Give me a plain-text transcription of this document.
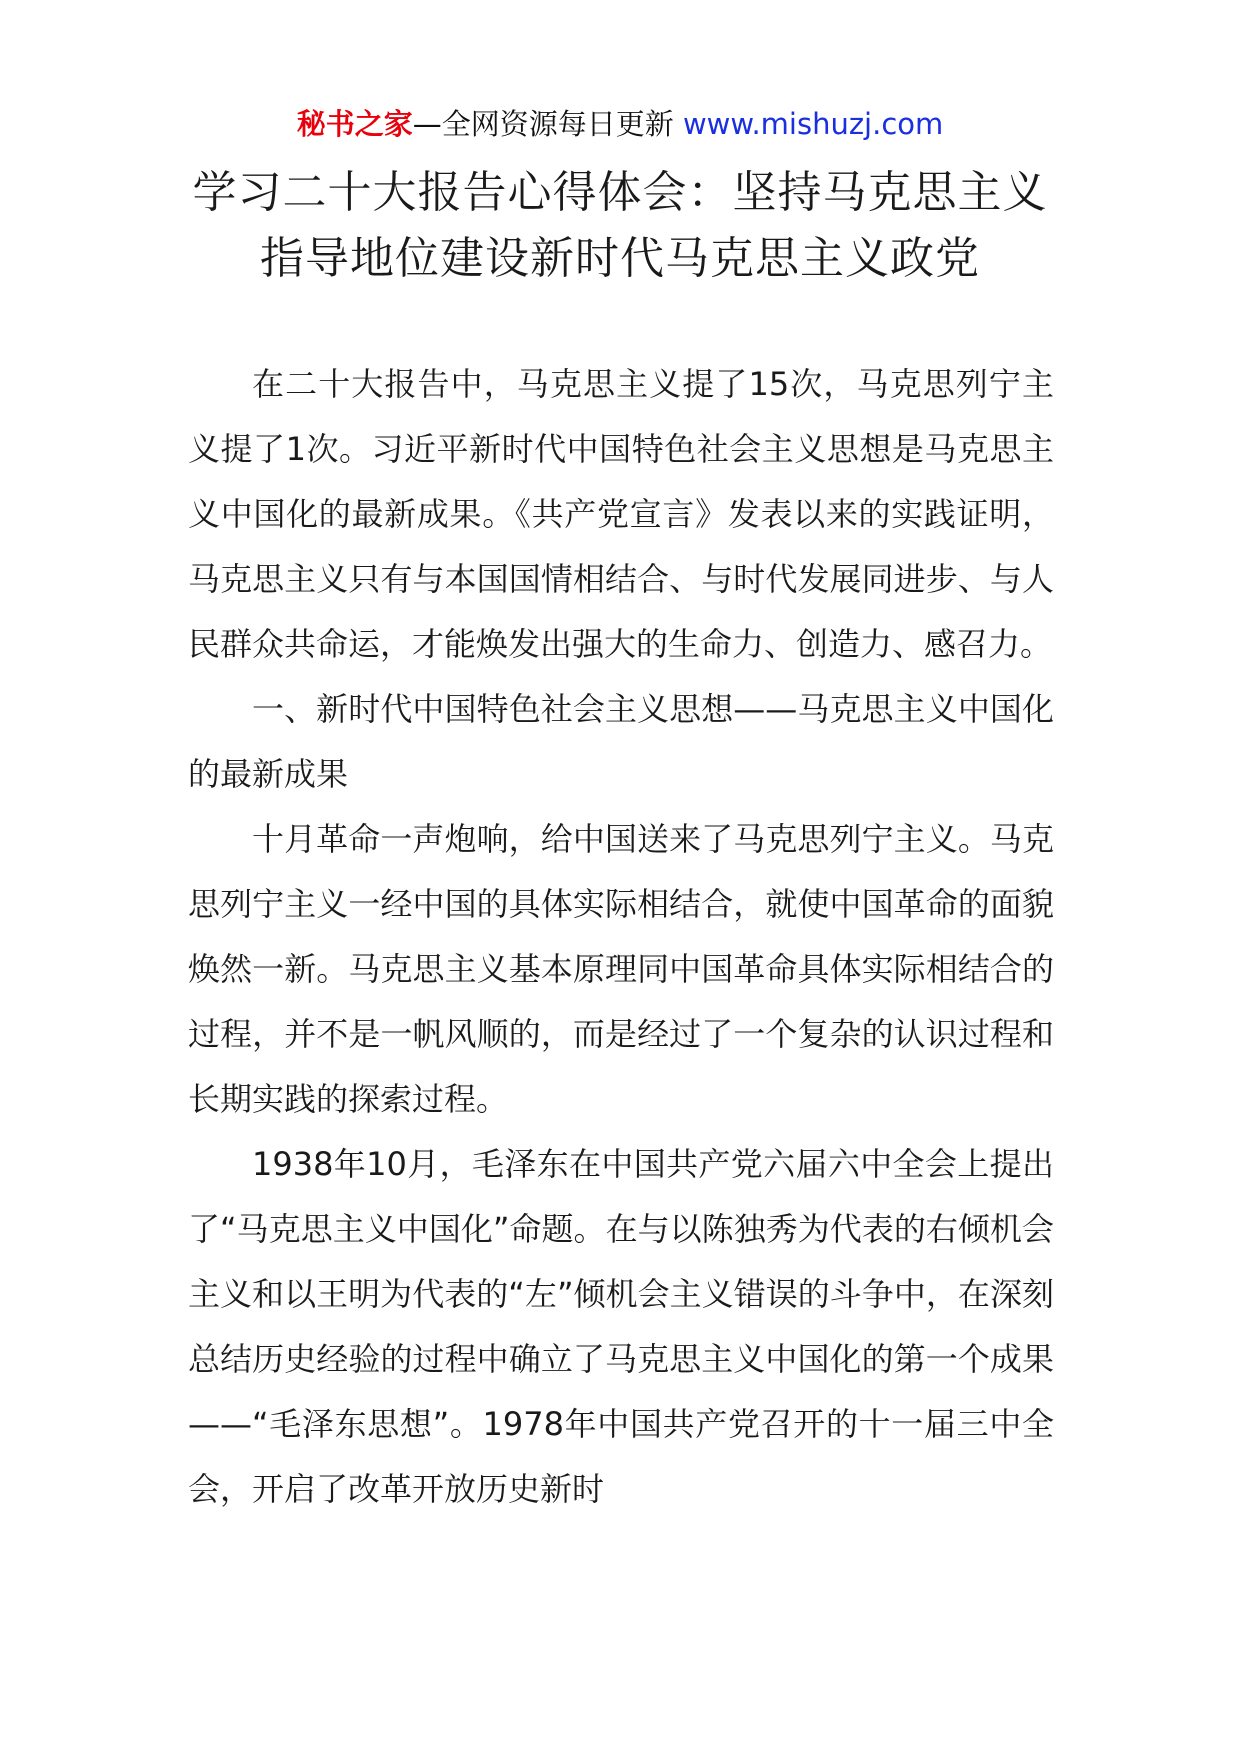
秘书之家—全网资源每日更新 www.mishuzj.com
学习二十大报告心得体会：坚持马克思主义指导地位建设新时代马克思主义政党

在二十大报告中，马克思主义提了15次，马克思列宁主义提了1次。习近平新时代中国特色社会主义思想是马克思主义中国化的最新成果。《共产党宣言》发表以来的实践证明，马克思主义只有与本国国情相结合、与时代发展同进步、与人民群众共命运，才能焕发出强大的生命力、创造力、感召力。

一、新时代中国特色社会主义思想——马克思主义中国化的最新成果

十月革命一声炮响，给中国送来了马克思列宁主义。马克思列宁主义一经中国的具体实际相结合，就使中国革命的面貌焕然一新。马克思主义基本原理同中国革命具体实际相结合的过程，并不是一帆风顺的，而是经过了一个复杂的认识过程和长期实践的探索过程。

1938年10月，毛泽东在中国共产党六届六中全会上提出了“马克思主义中国化”命题。在与以陈独秀为代表的右倾机会主义和以王明为代表的“左”倾机会主义错误的斗争中，在深刻总结历史经验的过程中确立了马克思主义中国化的第一个成果——“毛泽东思想”。1978年中国共产党召开的十一届三中全会，开启了改革开放历史新时
